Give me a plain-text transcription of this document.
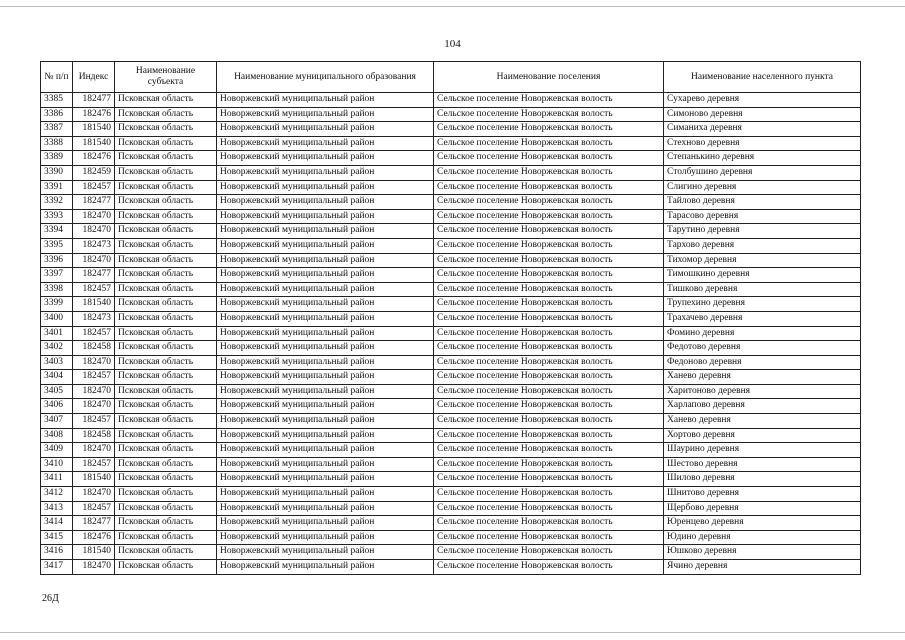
104
№ п/п	Индекс	Наименование субъекта	Наименование муниципального образования	Наименование поселения	Наименование населенного пункта
3385	182477	Псковская область	Новоржевский муниципальный район	Сельское поселение Новоржевская волость	Сухарево деревня
3386	182476	Псковская область	Новоржевский муниципальный район	Сельское поселение Новоржевская волость	Симоново деревня
3387	181540	Псковская область	Новоржевский муниципальный район	Сельское поселение Новоржевская волость	Симаниха деревня
3388	181540	Псковская область	Новоржевский муниципальный район	Сельское поселение Новоржевская волость	Стехново деревня
3389	182476	Псковская область	Новоржевский муниципальный район	Сельское поселение Новоржевская волость	Степанькино деревня
3390	182459	Псковская область	Новоржевский муниципальный район	Сельское поселение Новоржевская волость	Столбушино деревня
3391	182457	Псковская область	Новоржевский муниципальный район	Сельское поселение Новоржевская волость	Слигино деревня
3392	182477	Псковская область	Новоржевский муниципальный район	Сельское поселение Новоржевская волость	Тайлово деревня
3393	182470	Псковская область	Новоржевский муниципальный район	Сельское поселение Новоржевская волость	Тарасово деревня
3394	182470	Псковская область	Новоржевский муниципальный район	Сельское поселение Новоржевская волость	Тарутино деревня
3395	182473	Псковская область	Новоржевский муниципальный район	Сельское поселение Новоржевская волость	Тархово деревня
3396	182470	Псковская область	Новоржевский муниципальный район	Сельское поселение Новоржевская волость	Тихомор деревня
3397	182477	Псковская область	Новоржевский муниципальный район	Сельское поселение Новоржевская волость	Тимошкино деревня
3398	182457	Псковская область	Новоржевский муниципальный район	Сельское поселение Новоржевская волость	Тишково деревня
3399	181540	Псковская область	Новоржевский муниципальный район	Сельское поселение Новоржевская волость	Трупехино деревня
3400	182473	Псковская область	Новоржевский муниципальный район	Сельское поселение Новоржевская волость	Трахачево деревня
3401	182457	Псковская область	Новоржевский муниципальный район	Сельское поселение Новоржевская волость	Фомино деревня
3402	182458	Псковская область	Новоржевский муниципальный район	Сельское поселение Новоржевская волость	Федотово деревня
3403	182470	Псковская область	Новоржевский муниципальный район	Сельское поселение Новоржевская волость	Федоново деревня
3404	182457	Псковская область	Новоржевский муниципальный район	Сельское поселение Новоржевская волость	Ханево деревня
3405	182470	Псковская область	Новоржевский муниципальный район	Сельское поселение Новоржевская волость	Харитоново деревня
3406	182470	Псковская область	Новоржевский муниципальный район	Сельское поселение Новоржевская волость	Харлапово деревня
3407	182457	Псковская область	Новоржевский муниципальный район	Сельское поселение Новоржевская волость	Ханево деревня
3408	182458	Псковская область	Новоржевский муниципальный район	Сельское поселение Новоржевская волость	Хортово деревня
3409	182470	Псковская область	Новоржевский муниципальный район	Сельское поселение Новоржевская волость	Шаурино деревня
3410	182457	Псковская область	Новоржевский муниципальный район	Сельское поселение Новоржевская волость	Шестово деревня
3411	181540	Псковская область	Новоржевский муниципальный район	Сельское поселение Новоржевская волость	Шилово деревня
3412	182470	Псковская область	Новоржевский муниципальный район	Сельское поселение Новоржевская волость	Шнитово деревня
3413	182457	Псковская область	Новоржевский муниципальный район	Сельское поселение Новоржевская волость	Щербово деревня
3414	182477	Псковская область	Новоржевский муниципальный район	Сельское поселение Новоржевская волость	Юренцево деревня
3415	182476	Псковская область	Новоржевский муниципальный район	Сельское поселение Новоржевская волость	Юдино деревня
3416	181540	Псковская область	Новоржевский муниципальный район	Сельское поселение Новоржевская волость	Юшково деревня
3417	182470	Псковская область	Новоржевский муниципальный район	Сельское поселение Новоржевская волость	Ячино деревня
26Д
